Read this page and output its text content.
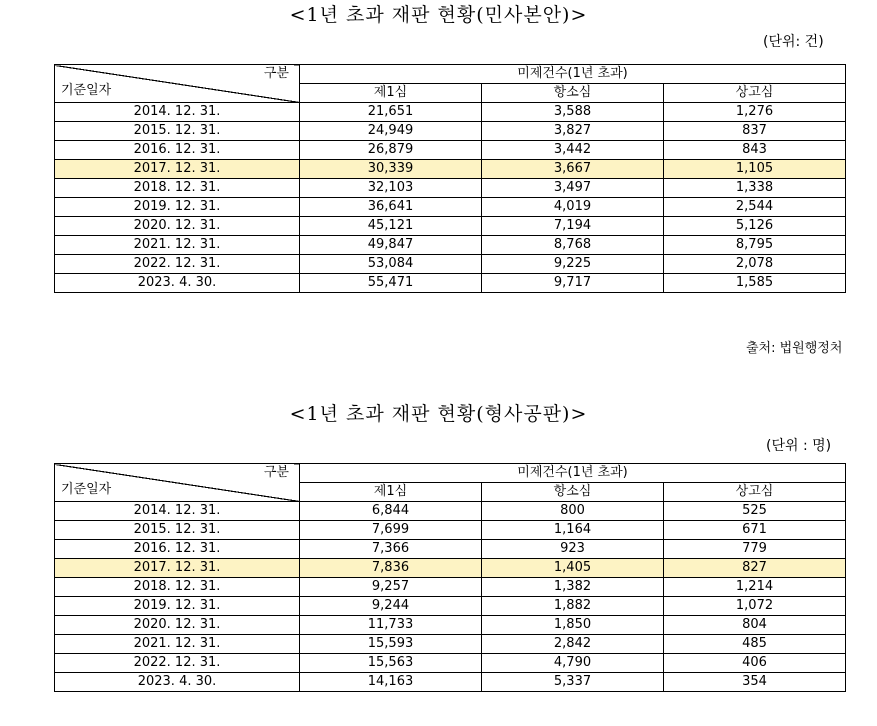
<1년 초과 재판 현황(민사본안)>
(단위: 건)
구분
기준일자	미제건수(1년 초과)		
	제1심	항소심	상고심
2014. 12. 31.	21,651	3,588	1,276
2015. 12. 31.	24,949	3,827	837
2016. 12. 31.	26,879	3,442	843
2017. 12. 31.	30,339	3,667	1,105
2018. 12. 31.	32,103	3,497	1,338
2019. 12. 31.	36,641	4,019	2,544
2020. 12. 31.	45,121	7,194	5,126
2021. 12. 31.	49,847	8,768	8,795
2022. 12. 31.	53,084	9,225	2,078
2023. 4. 30.	55,471	9,717	1,585
출처: 법원행정처
<1년 초과 재판 현황(형사공판)>
(단위 : 명)
구분
기준일자	미제건수(1년 초과)		
	제1심	항소심	상고심
2014. 12. 31.	6,844	800	525
2015. 12. 31.	7,699	1,164	671
2016. 12. 31.	7,366	923	779
2017. 12. 31.	7,836	1,405	827
2018. 12. 31.	9,257	1,382	1,214
2019. 12. 31.	9,244	1,882	1,072
2020. 12. 31.	11,733	1,850	804
2021. 12. 31.	15,593	2,842	485
2022. 12. 31.	15,563	4,790	406
2023. 4. 30.	14,163	5,337	354
